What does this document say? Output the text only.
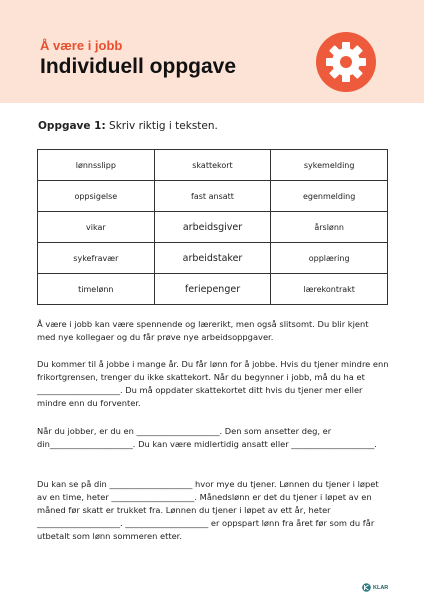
Å være i jobb
Individuell oppgave
Oppgave 1: Skriv riktig i teksten.
lønnsslipp	skattekort	sykemelding
oppsigelse	fast ansatt	egenmelding
vikar	arbeidsgiver	årslønn
sykefravær	arbeidstaker	opplæring
timelønn	feriepenger	lærekontrakt

Å være i jobb kan være spennende og lærerikt, men også slitsomt. Du blir kjent med nye kollegaer og du får prøve nye arbeidsoppgaver.

Du kommer til å jobbe i mange år. Du får lønn for å jobbe. Hvis du tjener mindre enn frikortgrensen, trenger du ikke skattekort. Når du begynner i jobb, må du ha et ____________________. Du må oppdater skattekortet ditt hvis du tjener mer eller mindre enn du forventer.

Når du jobber, er du en ____________________. Den som ansetter deg, er din____________________. Du kan være midlertidig ansatt eller ____________________.

Du kan se på din ____________________ hvor mye du tjener. Lønnen du tjener i løpet av en time, heter ____________________. Månedslønn er det du tjener i løpet av en måned før skatt er trukket fra. Lønnen du tjener i løpet av ett år, heter ____________________. ____________________ er oppspart lønn fra året før som du får utbetalt som lønn sommeren etter.

KLAR
